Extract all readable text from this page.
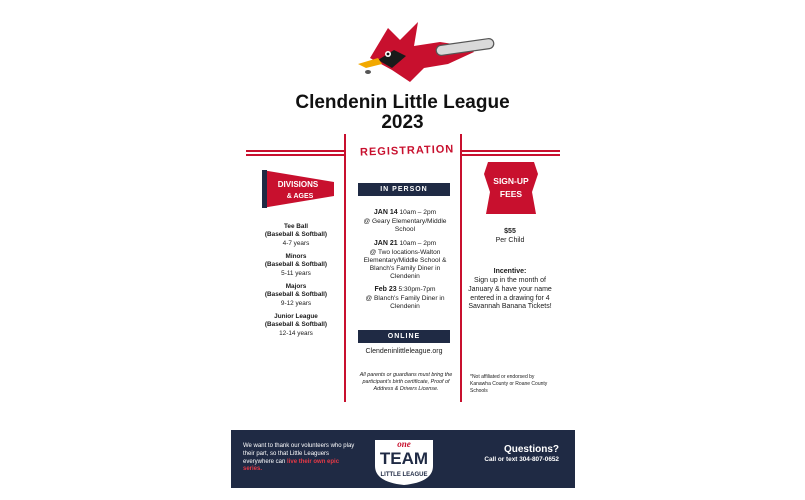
Clendenin Little League
2023
REGISTRATION
DIVISIONS
& AGES
Tee Ball
(Baseball & Softball)
4-7 years
Minors
(Baseball & Softball)
5-11 years
Majors
(Baseball & Softball)
9-12 years
Junior League
(Baseball & Softball)
12-14 years
IN PERSON
JAN 14 10am – 2pm
@ Geary Elementary/Middle School
JAN 21 10am – 2pm
@ Two locations-Walton Elementary/Middle School & Blanch's Family Diner in Clendenin
Feb 23 5:30pm-7pm
@ Blanch's Family Diner in Clendenin
ONLINE
Clendeninlittleleague.org
All parents or guardians must bring the participant's birth certificate, Proof of Address & Drivers License.
SIGN-UP
FEES
$55
Per Child
Incentive:
Sign up in the month of January & have your name entered in a drawing for 4 Savannah Banana Tickets!
*Not affiliated or endorsed by Kanawha County or Roane County Schools
We want to thank our volunteers who play their part, so that Little Leaguers everywhere can live their own epic series.
one
TEAM
LITTLE LEAGUE
Questions?
Call or text 304-807-0652
